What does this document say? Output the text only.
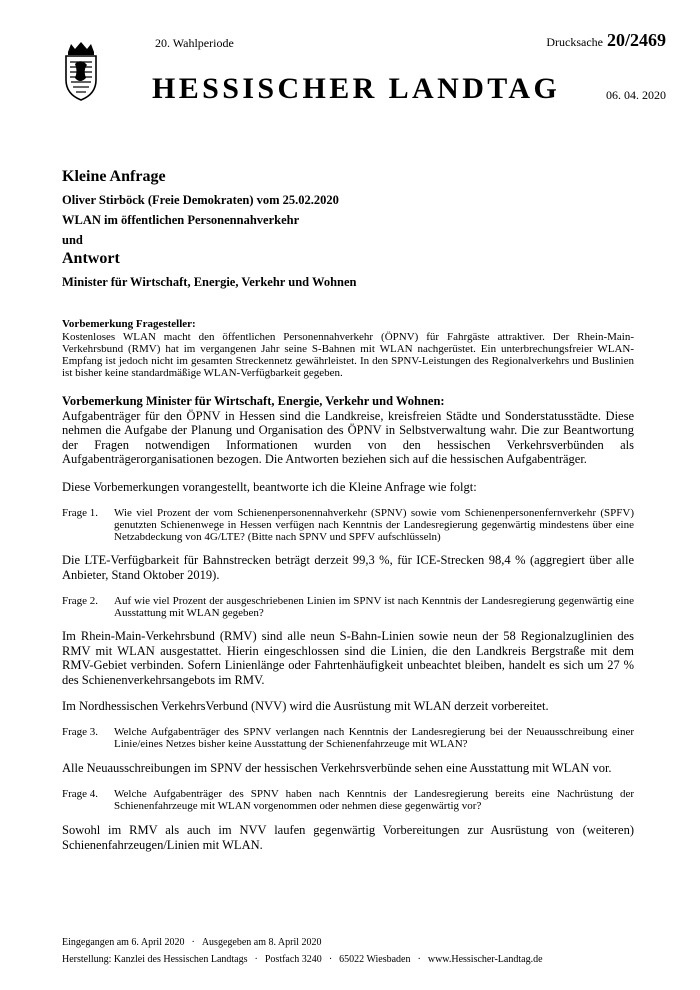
20. Wahlperiode	Drucksache 20/2469
HESSISCHER LANDTAG	06. 04. 2020

Kleine Anfrage

Oliver Stirböck (Freie Demokraten) vom 25.02.2020

WLAN im öffentlichen Personennahverkehr

und

Antwort

Minister für Wirtschaft, Energie, Verkehr und Wohnen

Vorbemerkung Fragesteller:

Kostenloses WLAN macht den öffentlichen Personennahverkehr (ÖPNV) für Fahrgäste attraktiver. Der Rhein-Main-Verkehrsbund (RMV) hat im vergangenen Jahr seine S-Bahnen mit WLAN nachgerüstet. Ein unterbrechungsfreier WLAN-Empfang ist jedoch nicht im gesamten Streckennetz gewährleistet. In den SPNV-Leistungen des Regionalverkehrs und Buslinien ist bisher keine standardmäßige WLAN-Verfügbarkeit gegeben.

Vorbemerkung Minister für Wirtschaft, Energie, Verkehr und Wohnen:

Aufgabenträger für den ÖPNV in Hessen sind die Landkreise, kreisfreien Städte und Sonderstatusstädte. Diese nehmen die Aufgabe der Planung und Organisation des ÖPNV in Selbstverwaltung wahr. Die zur Beantwortung der Fragen notwendigen Informationen wurden von den hessischen Verkehrsverbünden als Aufgabenträgerorganisationen bezogen. Die Antworten beziehen sich auf die hessischen Aufgabenträger.

Diese Vorbemerkungen vorangestellt, beantworte ich die Kleine Anfrage wie folgt:

Frage 1.	Wie viel Prozent der vom Schienenpersonennahverkehr (SPNV) sowie vom Schienenpersonenfernverkehr (SPFV) genutzten Schienenwege in Hessen verfügen nach Kenntnis der Landesregierung gegenwärtig mindestens über eine Netzabdeckung von 4G/LTE? (Bitte nach SPNV und SPFV aufschlüsseln)

Die LTE-Verfügbarkeit für Bahnstrecken beträgt derzeit 99,3 %, für ICE-Strecken 98,4 % (aggregiert über alle Anbieter, Stand Oktober 2019).

Frage 2.	Auf wie viel Prozent der ausgeschriebenen Linien im SPNV ist nach Kenntnis der Landesregierung gegenwärtig eine Ausstattung mit WLAN gegeben?

Im Rhein-Main-Verkehrsbund (RMV) sind alle neun S-Bahn-Linien sowie neun der 58 Regionalzuglinien des RMV mit WLAN ausgestattet. Hierin eingeschlossen sind die Linien, die den Landkreis Bergstraße mit dem RMV-Gebiet verbinden. Sofern Linienlänge oder Fahrtenhäufigkeit unbeachtet bleiben, handelt es sich um 27 % des Schienenverkehrsangebots im RMV.

Im Nordhessischen VerkehrsVerbund (NVV) wird die Ausrüstung mit WLAN derzeit vorbereitet.

Frage 3.	Welche Aufgabenträger des SPNV verlangen nach Kenntnis der Landesregierung bei der Neuausschreibung einer Linie/eines Netzes bisher keine Ausstattung der Schienenfahrzeuge mit WLAN?

Alle Neuausschreibungen im SPNV der hessischen Verkehrsverbünde sehen eine Ausstattung mit WLAN vor.

Frage 4.	Welche Aufgabenträger des SPNV haben nach Kenntnis der Landesregierung bereits eine Nachrüstung der Schienenfahrzeuge mit WLAN vorgenommen oder nehmen diese gegenwärtig vor?

Sowohl im RMV als auch im NVV laufen gegenwärtig Vorbereitungen zur Ausrüstung von (weiteren) Schienenfahrzeugen/Linien mit WLAN.

Eingegangen am 6. April 2020 · Ausgegeben am 8. April 2020
Herstellung: Kanzlei des Hessischen Landtags · Postfach 3240 · 65022 Wiesbaden · www.Hessischer-Landtag.de
